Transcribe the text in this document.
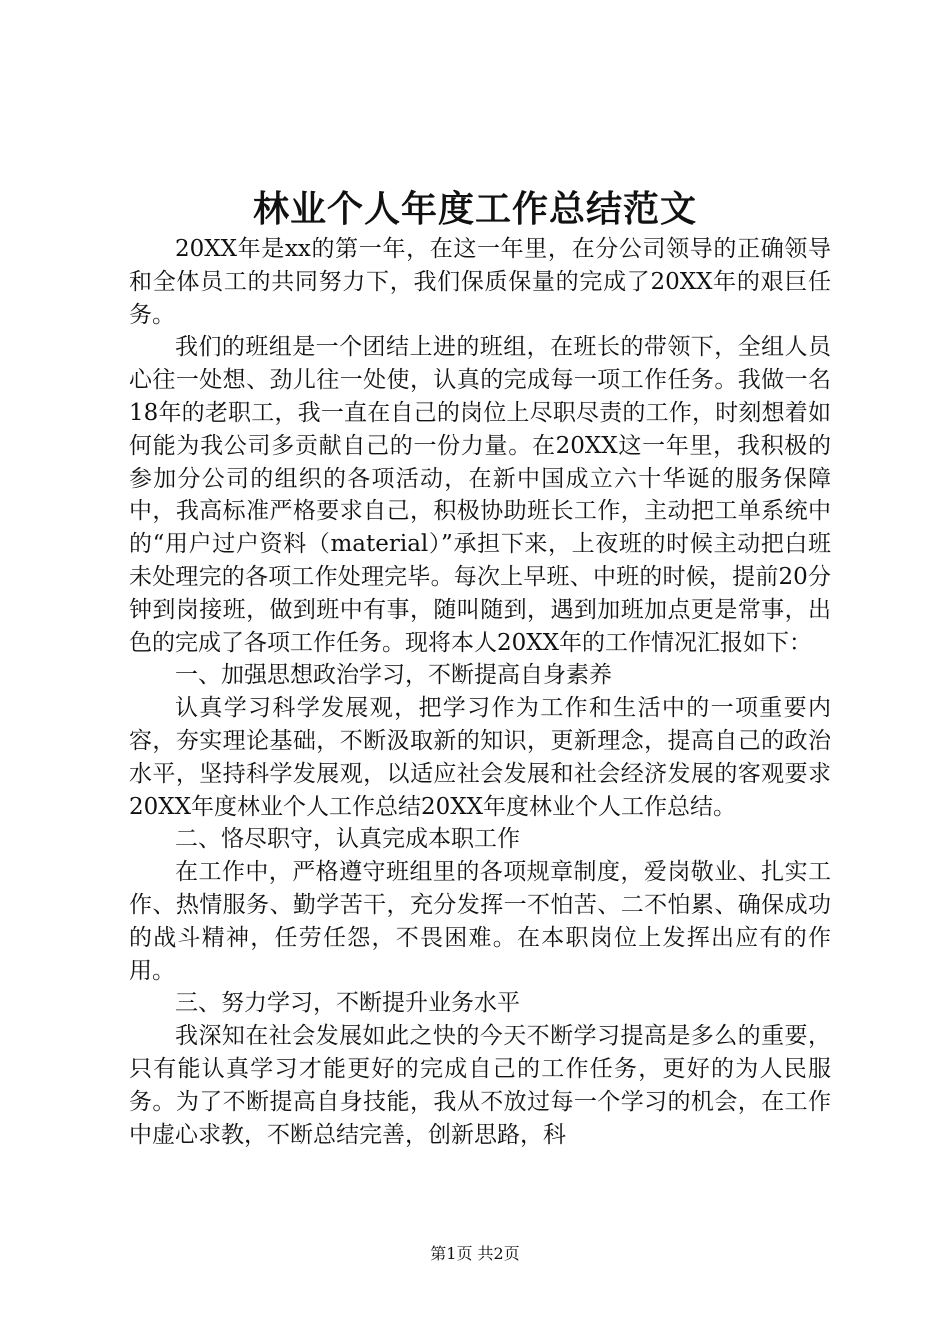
林业个人年度工作总结范文

20XX年是xx的第一年，在这一年里，在分公司领导的正确领导和全体员工的共同努力下，我们保质保量的完成了20XX年的艰巨任务。

我们的班组是一个团结上进的班组，在班长的带领下，全组人员心往一处想、劲儿往一处使，认真的完成每一项工作任务。我做一名18年的老职工，我一直在自己的岗位上尽职尽责的工作，时刻想着如何能为我公司多贡献自己的一份力量。在20XX这一年里，我积极的参加分公司的组织的各项活动，在新中国成立六十华诞的服务保障中，我高标准严格要求自己，积极协助班长工作，主动把工单系统中的“用户过户资料（material）”承担下来，上夜班的时候主动把白班未处理完的各项工作处理完毕。每次上早班、中班的时候，提前20分钟到岗接班，做到班中有事，随叫随到，遇到加班加点更是常事，出色的完成了各项工作任务。现将本人20XX年的工作情况汇报如下：

一、加强思想政治学习，不断提高自身素养

认真学习科学发展观，把学习作为工作和生活中的一项重要内容，夯实理论基础，不断汲取新的知识，更新理念，提高自己的政治水平，坚持科学发展观，以适应社会发展和社会经济发展的客观要求20XX年度林业个人工作总结20XX年度林业个人工作总结。

二、恪尽职守，认真完成本职工作

在工作中，严格遵守班组里的各项规章制度，爱岗敬业、扎实工作、热情服务、勤学苦干，充分发挥一不怕苦、二不怕累、确保成功的战斗精神，任劳任怨，不畏困难。在本职岗位上发挥出应有的作用。

三、努力学习，不断提升业务水平

我深知在社会发展如此之快的今天不断学习提高是多么的重要，只有能认真学习才能更好的完成自己的工作任务，更好的为人民服务。为了不断提高自身技能，我从不放过每一个学习的机会，在工作中虚心求教，不断总结完善，创新思路，科

第1页 共2页
